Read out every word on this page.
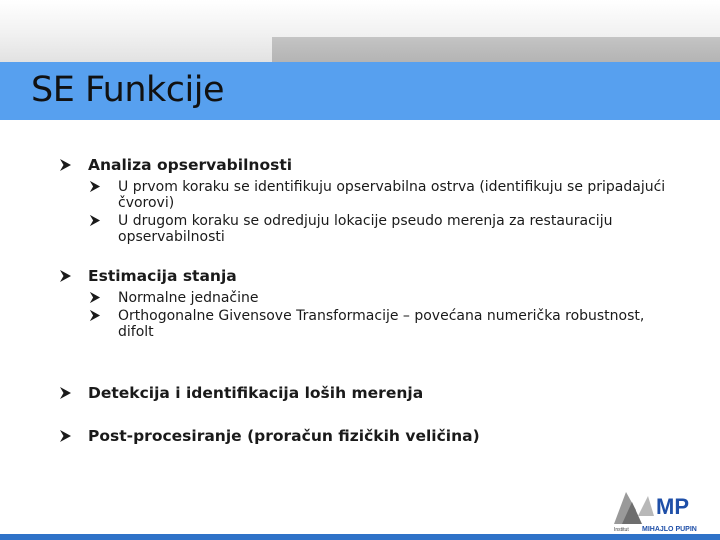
SE Funkcije
Analiza opservabilnosti
U prvom koraku se identifikuju opservabilna ostrva (identifikuju se pripadajući čvorovi)
U drugom koraku se odredjuju lokacije pseudo merenja za restauraciju opservabilnosti
Estimacija stanja
Normalne jednačine
Orthogonalne Givensove Transformacije – povećana numerička robustnost, difolt
Detekcija i identifikacija loših merenja
Post-procesiranje (proračun fizičkih veličina)
MP
Institut MIHAJLO PUPIN
